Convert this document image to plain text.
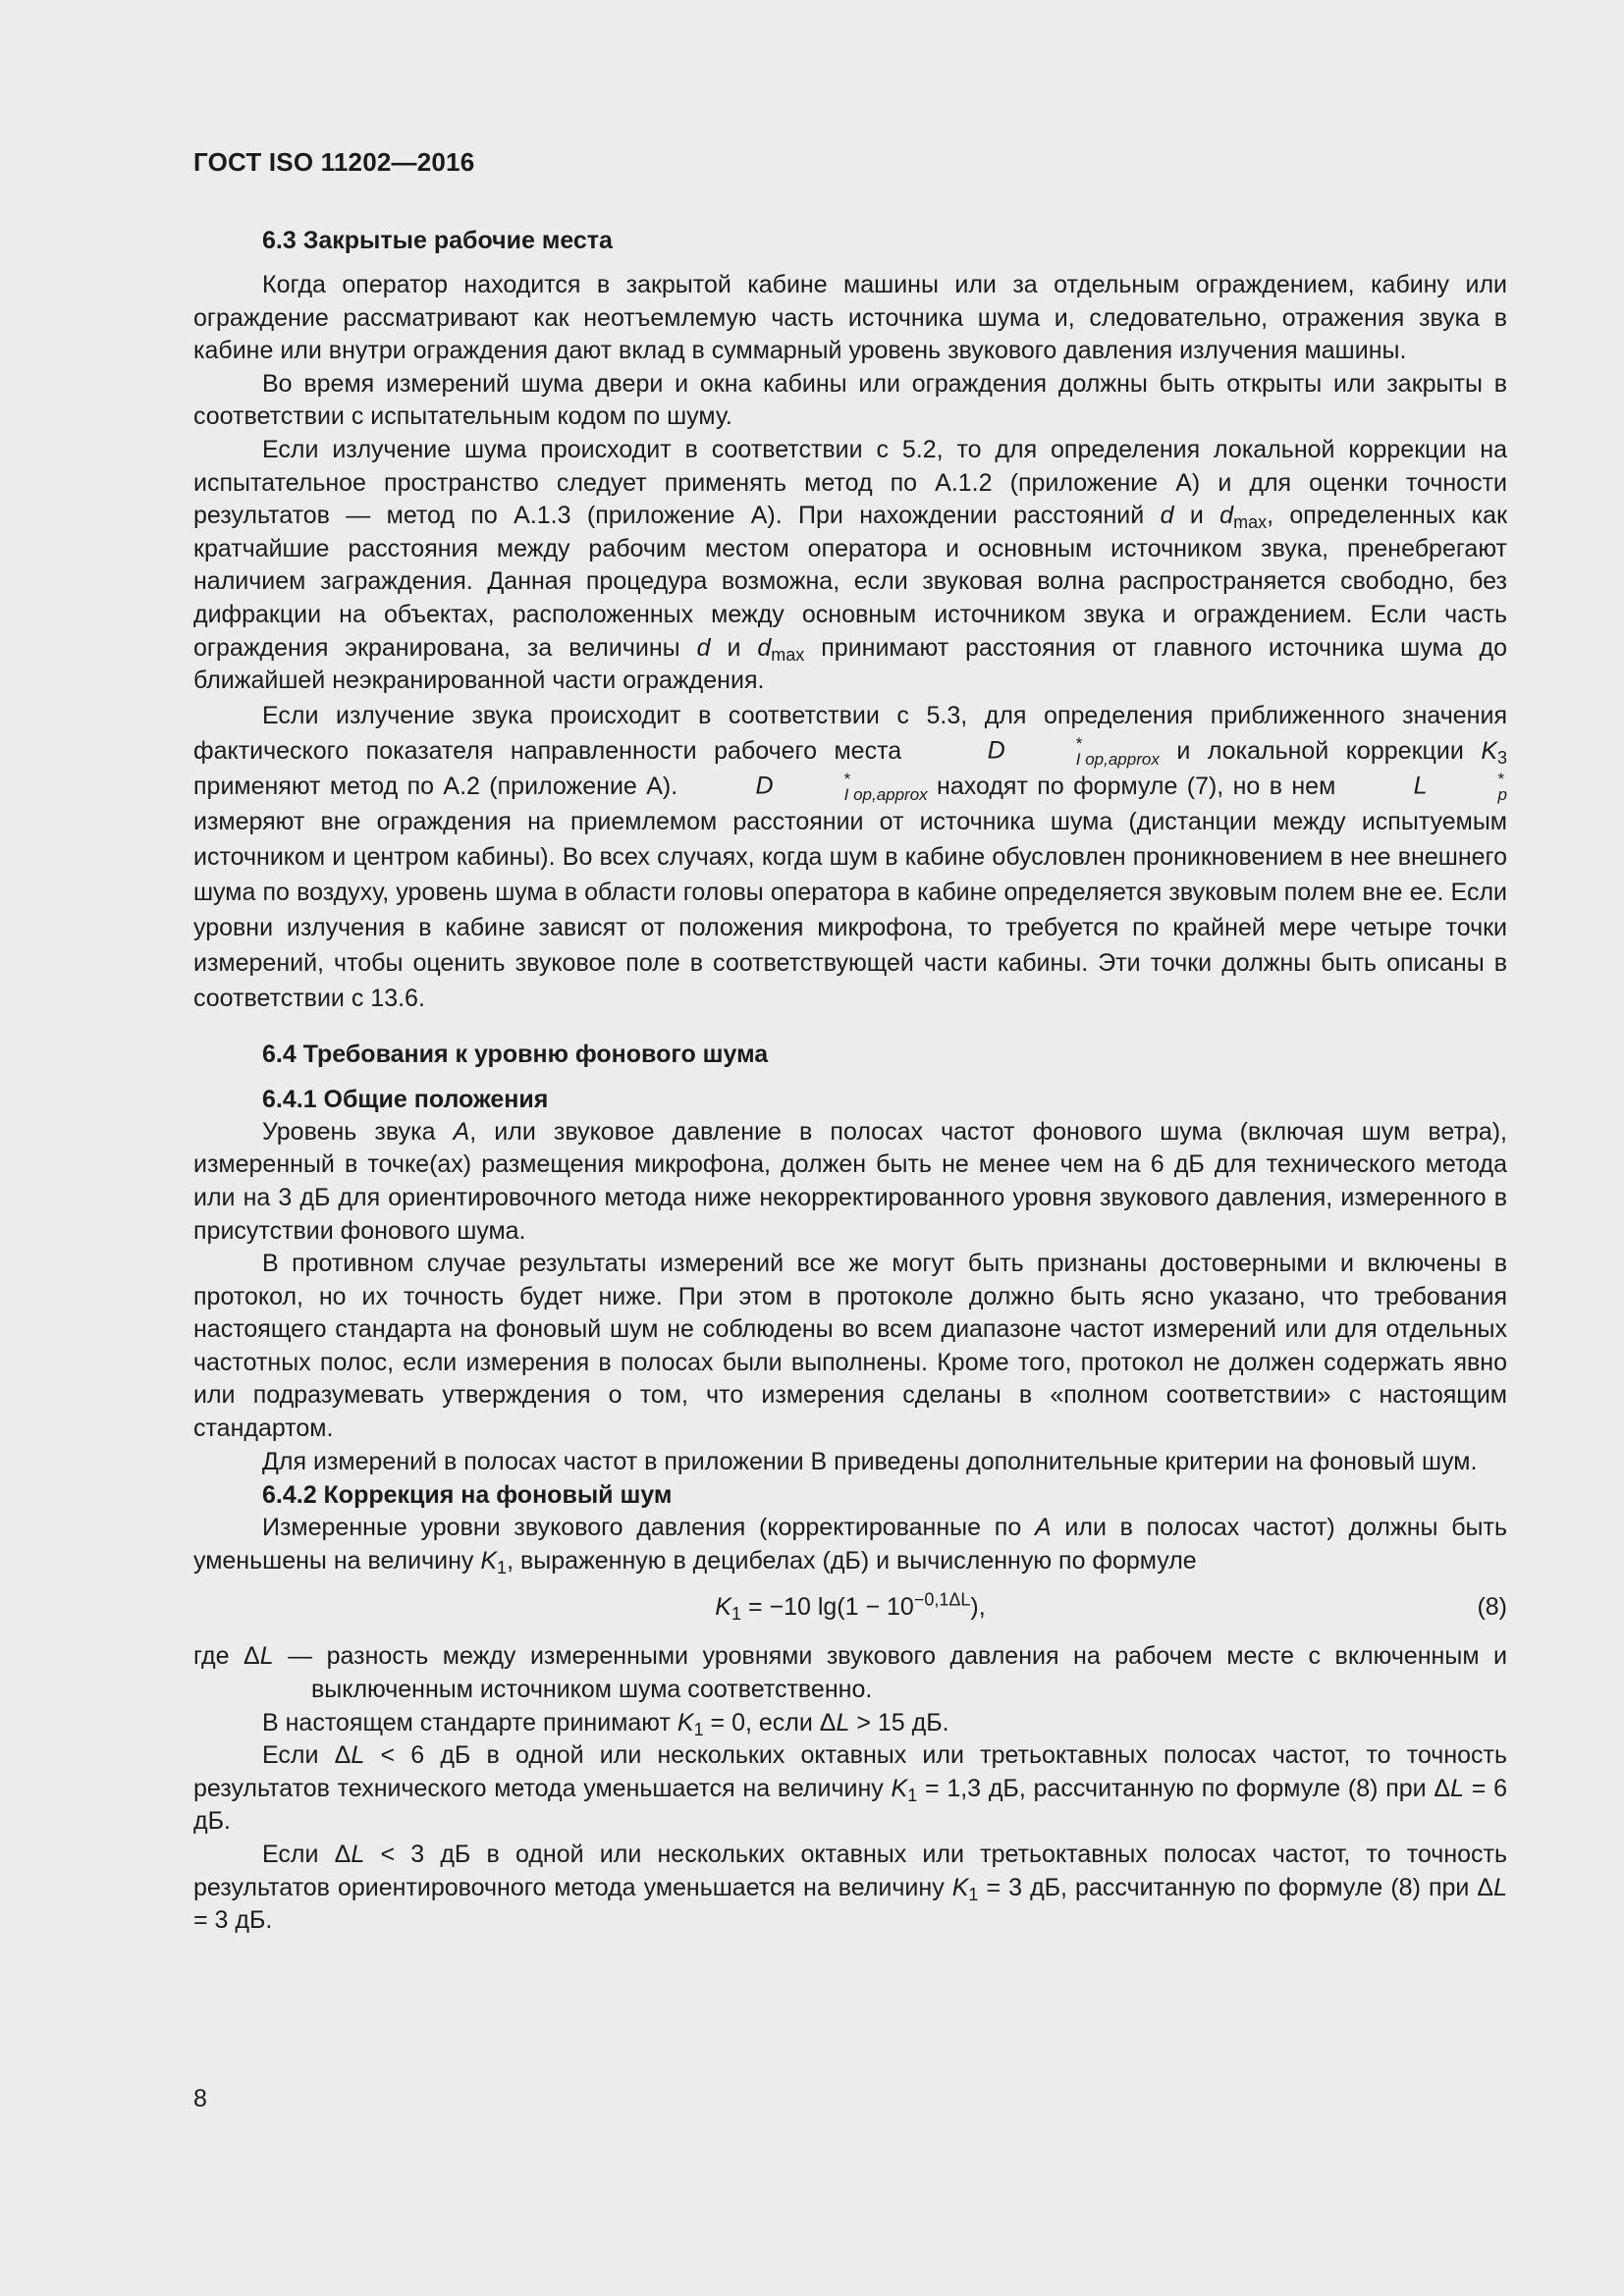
ГОСТ ISO 11202—2016
6.3 Закрытые рабочие места

Когда оператор находится в закрытой кабине машины или за отдельным ограждением, кабину или ограждение рассматривают как неотъемлемую часть источника шума и, следовательно, отражения звука в кабине или внутри ограждения дают вклад в суммарный уровень звукового давления излучения машины.

Во время измерений шума двери и окна кабины или ограждения должны быть открыты или закрыты в соответствии с испытательным кодом по шуму.

Если излучение шума происходит в соответствии с 5.2, то для определения локальной коррекции на испытательное пространство следует применять метод по А.1.2 (приложение А) и для оценки точности результатов — метод по А.1.3 (приложение А). При нахождении расстояний d и $d_{max}$, определенных как кратчайшие расстояния между рабочим местом оператора и основным источником звука, пренебрегают наличием заграждения. Данная процедура возможна, если звуковая волна распространяется свободно, без дифракции на объектах, расположенных между основным источником звука и ограждением. Если часть ограждения экранирована, за величины d и $d_{max}$ принимают расстояния от главного источника шума до ближайшей неэкранированной части ограждения.

Если излучение звука происходит в соответствии с 5.3, для определения приближенного значения фактического показателя направленности рабочего места	D	*
I op,approx и локальной коррекции $K_3$ применяют метод по А.2 (приложение А).	D	*
I op,approx находят по формуле (7), но в нем	L	*
p
измеряют вне ограждения на приемлемом расстоянии от источника шума (дистанции между испытуемым источником и центром кабины). Во всех случаях, когда шум в кабине обусловлен проникновением в нее внешнего шума по воздуху, уровень шума в области головы оператора в кабине определяется звуковым полем вне ее. Если уровни излучения в кабине зависят от положения микрофона, то требуется по крайней мере четыре точки измерений, чтобы оценить звуковое поле в соответствующей части кабины. Эти точки должны быть описаны в соответствии с 13.6.

6.4 Требования к уровню фонового шума
6.4.1 Общие положения

Уровень звука A, или звуковое давление в полосах частот фонового шума (включая шум ветра), измеренный в точке(ах) размещения микрофона, должен быть не менее чем на 6 дБ для технического метода или на 3 дБ для ориентировочного метода ниже некорректированного уровня звукового давления, измеренного в присутствии фонового шума.

В противном случае результаты измерений все же могут быть признаны достоверными и включены в протокол, но их точность будет ниже. При этом в протоколе должно быть ясно указано, что требования настоящего стандарта на фоновый шум не соблюдены во всем диапазоне частот измерений или для отдельных частотных полос, если измерения в полосах были выполнены. Кроме того, протокол не должен содержать явно или подразумевать утверждения о том, что измерения сделаны в «полном соответствии» с настоящим стандартом.

Для измерений в полосах частот в приложении В приведены дополнительные критерии на фоновый шум.

6.4.2 Коррекция на фоновый шум

Измеренные уровни звукового давления (корректированные по A или в полосах частот) должны быть уменьшены на величину $K_1$, выраженную в децибелах (дБ) и вычисленную по формуле

$K_1 = -10$ $\lg(1 - 10^{-0,1\Delta L})$,	(8)
где ΔL — разность между измеренными уровнями звукового давления на рабочем месте с включенным и выключенным источником шума соответственно.

В настоящем стандарте принимают $K_1 = 0$, если ΔL > 15 дБ.

Если ΔL < 6 дБ в одной или нескольких октавных или третьоктавных полосах частот, то точность результатов технического метода уменьшается на величину $K_1 = 1,3$ дБ, рассчитанную по формуле (8) при ΔL = 6 дБ.

Если ΔL < 3 дБ в одной или нескольких октавных или третьоктавных полосах частот, то точность результатов ориентировочного метода уменьшается на величину $K_1 = 3$ дБ, рассчитанную по формуле (8) при ΔL = 3 дБ.

8
